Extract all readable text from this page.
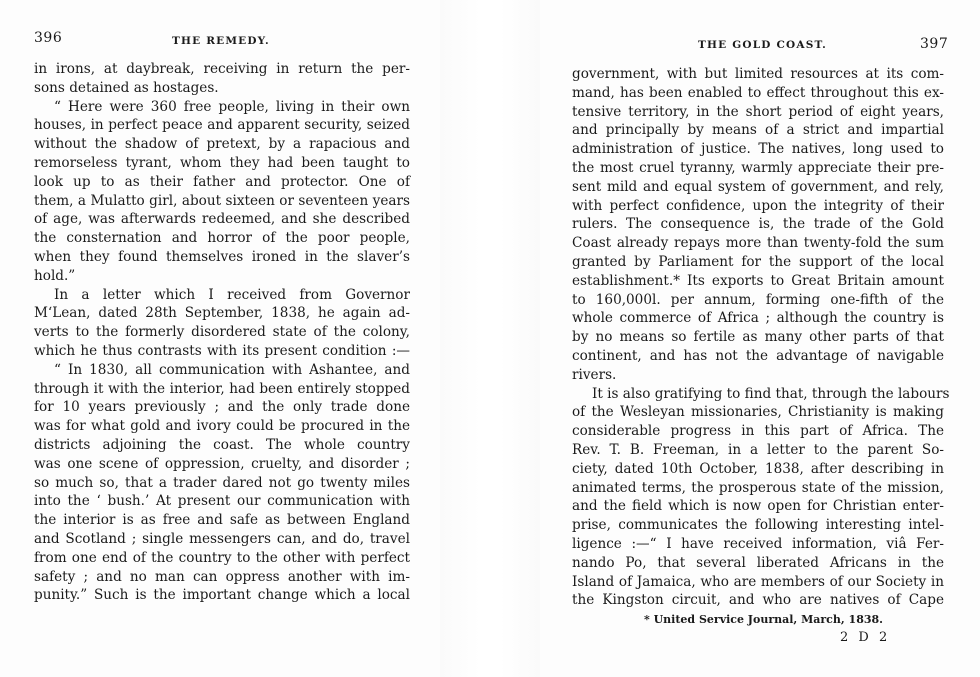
396	THE REMEDY.
in irons, at daybreak, receiving in return the per-
sons detained as hostages.
“ Here were 360 free people, living in their own
houses, in perfect peace and apparent security, seized
without the shadow of pretext, by a rapacious and
remorseless tyrant, whom they had been taught to
look up to as their father and protector. One of
them, a Mulatto girl, about sixteen or seventeen years
of age, was afterwards redeemed, and she described
the consternation and horror of the poor people,
when they found themselves ironed in the slaver’s
hold.”
In a letter which I received from Governor
M‘Lean, dated 28th September, 1838, he again ad-
verts to the formerly disordered state of the colony,
which he thus contrasts with its present condition :—
“ In 1830, all communication with Ashantee, and
through it with the interior, had been entirely stopped
for 10 years previously ; and the only trade done
was for what gold and ivory could be procured in the
districts adjoining the coast. The whole country
was one scene of oppression, cruelty, and disorder ;
so much so, that a trader dared not go twenty miles
into the ‘ bush.’ At present our communication with
the interior is as free and safe as between England
and Scotland ; single messengers can, and do, travel
from one end of the country to the other with perfect
safety ; and no man can oppress another with im-
punity.” Such is the important change which a local
THE GOLD COAST.	397
government, with but limited resources at its com-
mand, has been enabled to effect throughout this ex-
tensive territory, in the short period of eight years,
and principally by means of a strict and impartial
administration of justice. The natives, long used to
the most cruel tyranny, warmly appreciate their pre-
sent mild and equal system of government, and rely,
with perfect confidence, upon the integrity of their
rulers. The consequence is, the trade of the Gold
Coast already repays more than twenty-fold the sum
granted by Parliament for the support of the local
establishment.* Its exports to Great Britain amount
to 160,000l. per annum, forming one-fifth of the
whole commerce of Africa ; although the country is
by no means so fertile as many other parts of that
continent, and has not the advantage of navigable
rivers.
It is also gratifying to find that, through the labours
of the Wesleyan missionaries, Christianity is making
considerable progress in this part of Africa. The
Rev. T. B. Freeman, in a letter to the parent So-
ciety, dated 10th October, 1838, after describing in
animated terms, the prosperous state of the mission,
and the field which is now open for Christian enter-
prise, communicates the following interesting intel-
ligence :—“ I have received information, viâ Fer-
nando Po, that several liberated Africans in the
Island of Jamaica, who are members of our Society in
the Kingston circuit, and who are natives of Cape
* United Service Journal, March, 1838.
2 D 2
